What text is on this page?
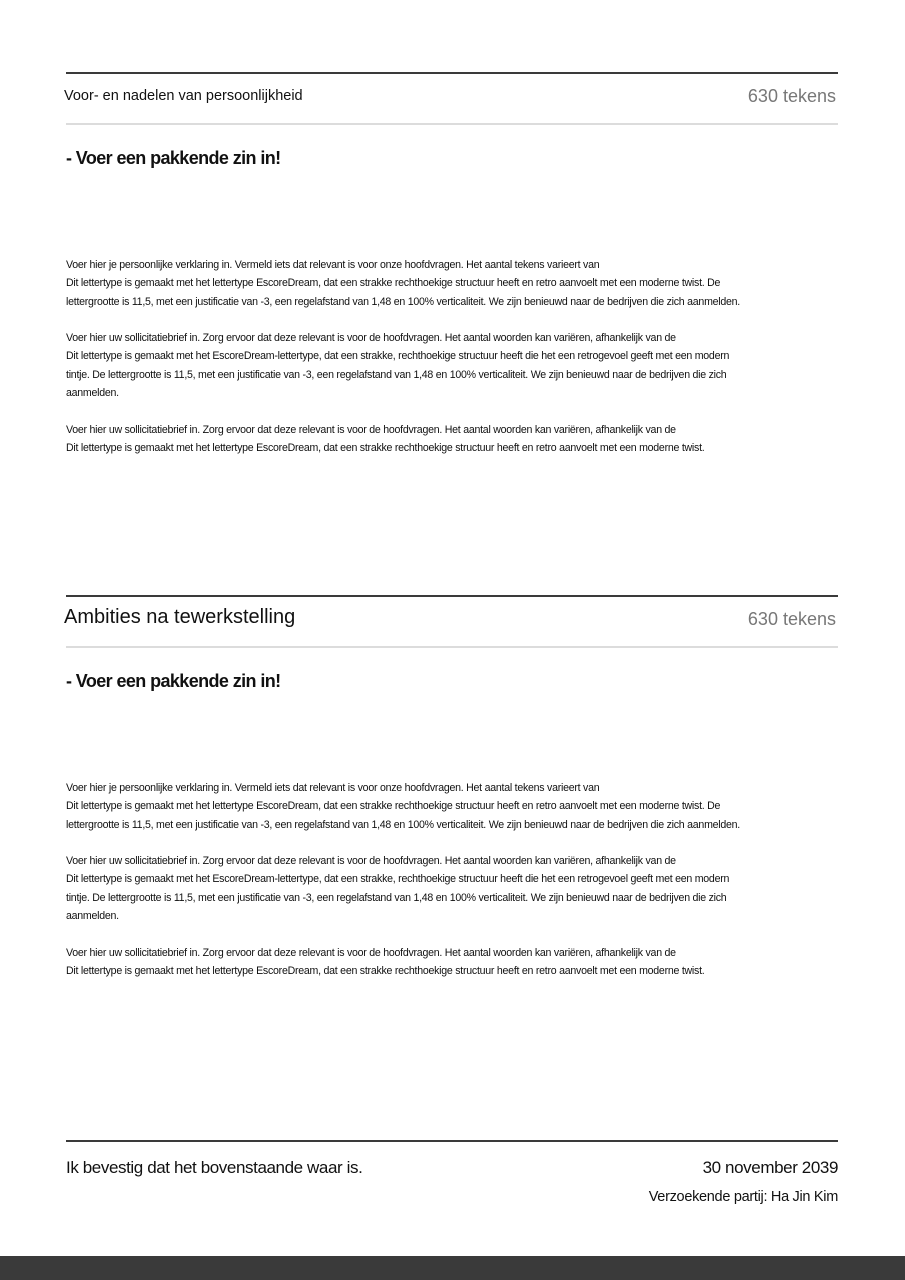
Voor- en nadelen van persoonlijkheid	630 tekens
- Voer een pakkende zin in!
Voer hier je persoonlijke verklaring in. Vermeld iets dat relevant is voor onze hoofdvragen. Het aantal tekens varieert van
Dit lettertype is gemaakt met het lettertype EscoreDream, dat een strakke rechthoekige structuur heeft en retro aanvoelt met een moderne twist. De
lettergrootte is 11,5, met een justificatie van -3, een regelafstand van 1,48 en 100% verticaliteit. We zijn benieuwd naar de bedrijven die zich aanmelden.
Voer hier uw sollicitatiebrief in. Zorg ervoor dat deze relevant is voor de hoofdvragen. Het aantal woorden kan variëren, afhankelijk van de
Dit lettertype is gemaakt met het EscoreDream-lettertype, dat een strakke, rechthoekige structuur heeft die het een retrogevoel geeft met een modern
tintje. De lettergrootte is 11,5, met een justificatie van -3, een regelafstand van 1,48 en 100% verticaliteit. We zijn benieuwd naar de bedrijven die zich
aanmelden.
Voer hier uw sollicitatiebrief in. Zorg ervoor dat deze relevant is voor de hoofdvragen. Het aantal woorden kan variëren, afhankelijk van de
Dit lettertype is gemaakt met het lettertype EscoreDream, dat een strakke rechthoekige structuur heeft en retro aanvoelt met een moderne twist.
Ambities na tewerkstelling	630 tekens
- Voer een pakkende zin in!
Voer hier je persoonlijke verklaring in. Vermeld iets dat relevant is voor onze hoofdvragen. Het aantal tekens varieert van
Dit lettertype is gemaakt met het lettertype EscoreDream, dat een strakke rechthoekige structuur heeft en retro aanvoelt met een moderne twist. De
lettergrootte is 11,5, met een justificatie van -3, een regelafstand van 1,48 en 100% verticaliteit. We zijn benieuwd naar de bedrijven die zich aanmelden.
Voer hier uw sollicitatiebrief in. Zorg ervoor dat deze relevant is voor de hoofdvragen. Het aantal woorden kan variëren, afhankelijk van de
Dit lettertype is gemaakt met het EscoreDream-lettertype, dat een strakke, rechthoekige structuur heeft die het een retrogevoel geeft met een modern
tintje. De lettergrootte is 11,5, met een justificatie van -3, een regelafstand van 1,48 en 100% verticaliteit. We zijn benieuwd naar de bedrijven die zich
aanmelden.
Voer hier uw sollicitatiebrief in. Zorg ervoor dat deze relevant is voor de hoofdvragen. Het aantal woorden kan variëren, afhankelijk van de
Dit lettertype is gemaakt met het lettertype EscoreDream, dat een strakke rechthoekige structuur heeft en retro aanvoelt met een moderne twist.
Ik bevestig dat het bovenstaande waar is.	30 november 2039
Verzoekende partij: Ha Jin Kim
